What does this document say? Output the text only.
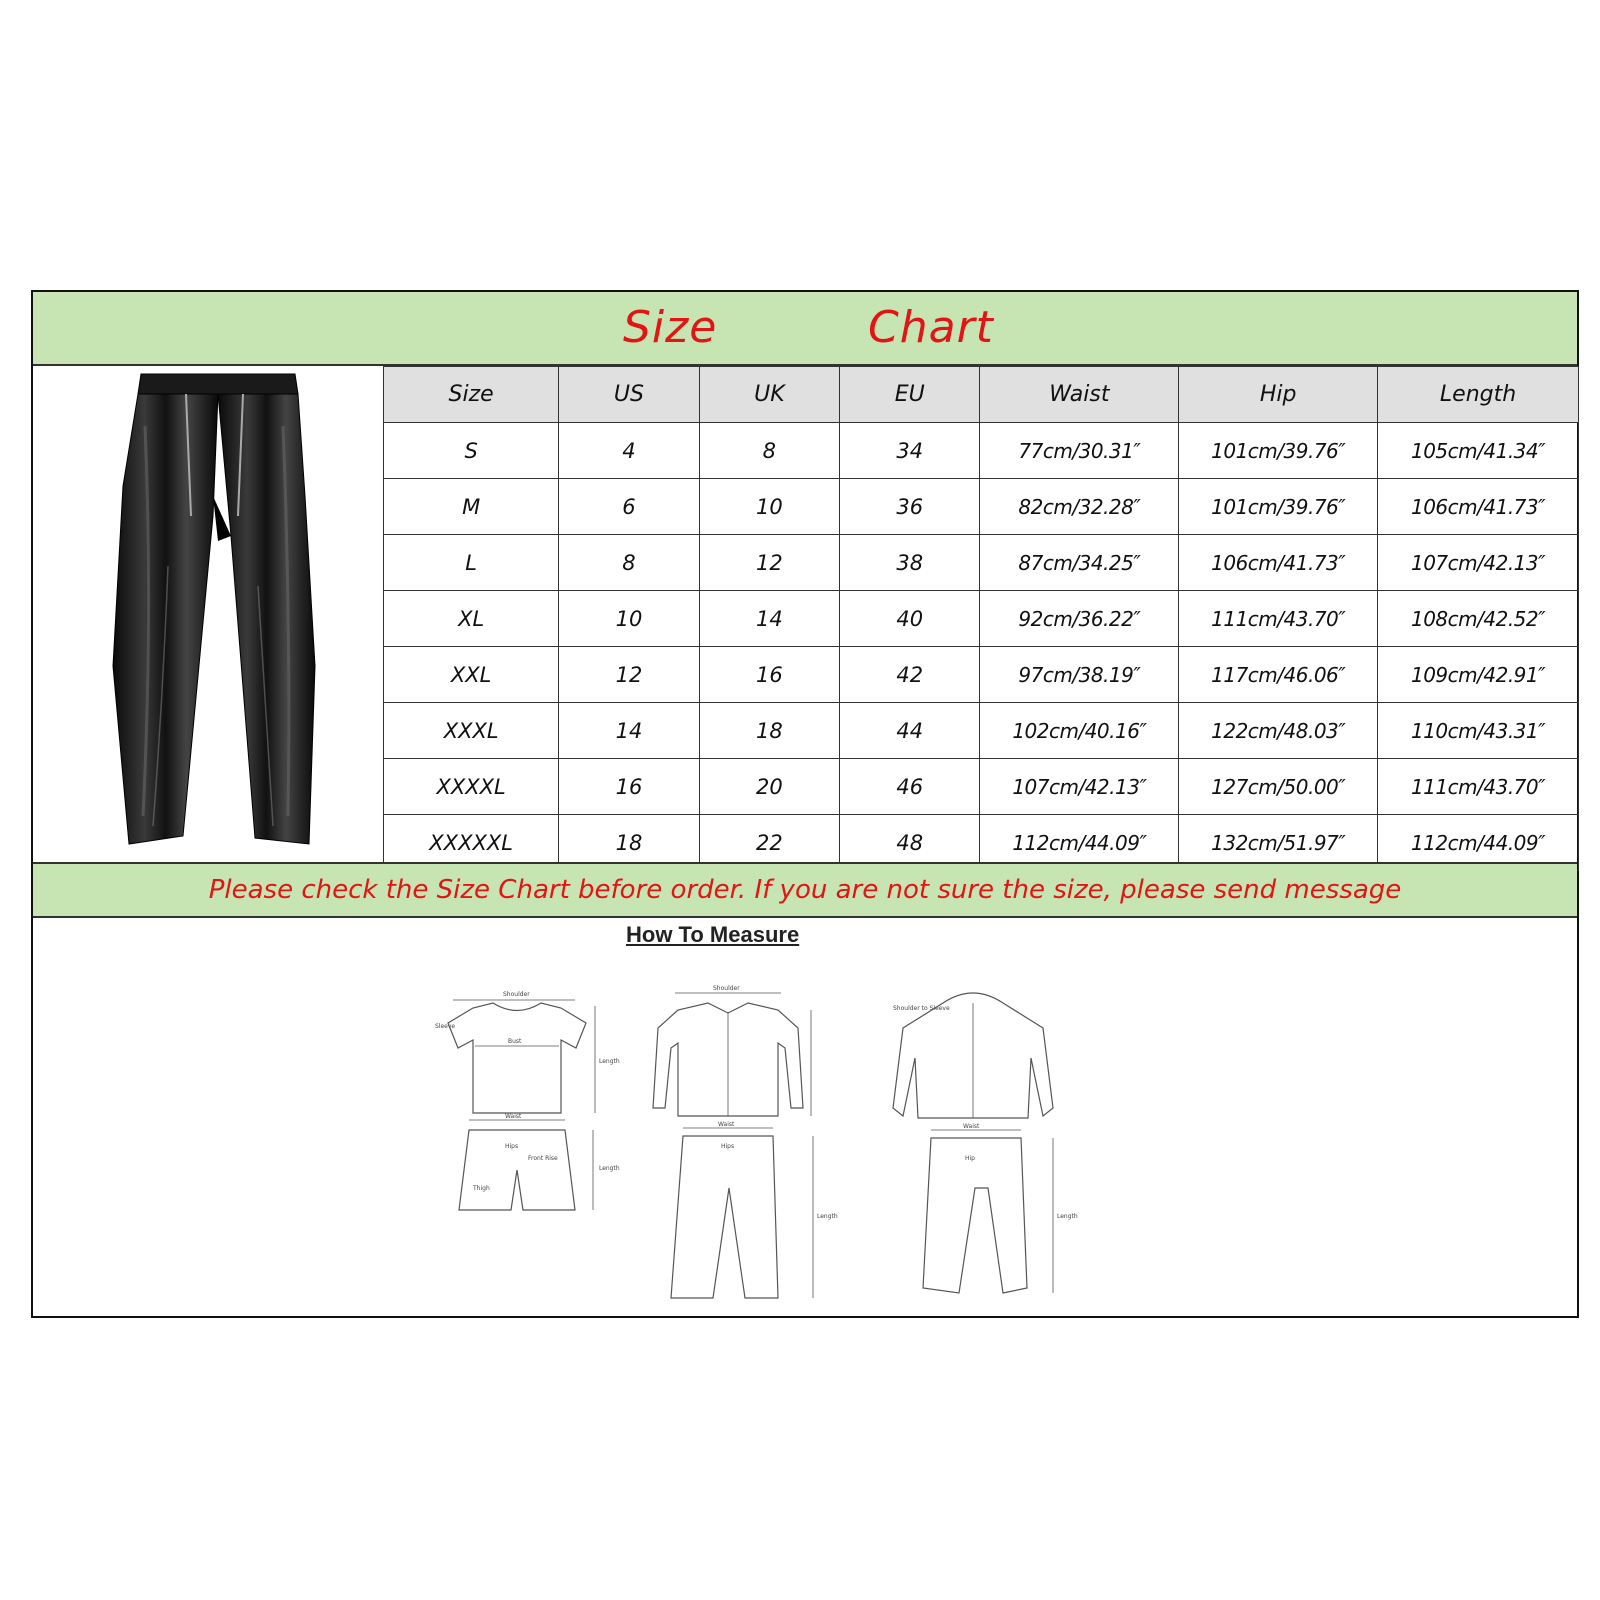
Size	Chart
Size	US	UK	EU	Waist	Hip	Length
S	4	8	34	77cm/30.31″	101cm/39.76″	105cm/41.34″
M	6	10	36	82cm/32.28″	101cm/39.76″	106cm/41.73″
L	8	12	38	87cm/34.25″	106cm/41.73″	107cm/42.13″
XL	10	14	40	92cm/36.22″	111cm/43.70″	108cm/42.52″
XXL	12	16	42	97cm/38.19″	117cm/46.06″	109cm/42.91″
XXXL	14	18	44	102cm/40.16″	122cm/48.03″	110cm/43.31″
XXXXL	16	20	46	107cm/42.13″	127cm/50.00″	111cm/43.70″
XXXXXL	18	22	48	112cm/44.09″	132cm/51.97″	112cm/44.09″
Please check the Size Chart before order. If you are not sure the size, please send message
How To Measure
Shoulder
Bust
Length
Sleeve
Waist
Hips
Front Rise
Thigh
Length
Shoulder
Waist
Hips
Length
Shoulder to Sleeve
Waist
Hip
Length
